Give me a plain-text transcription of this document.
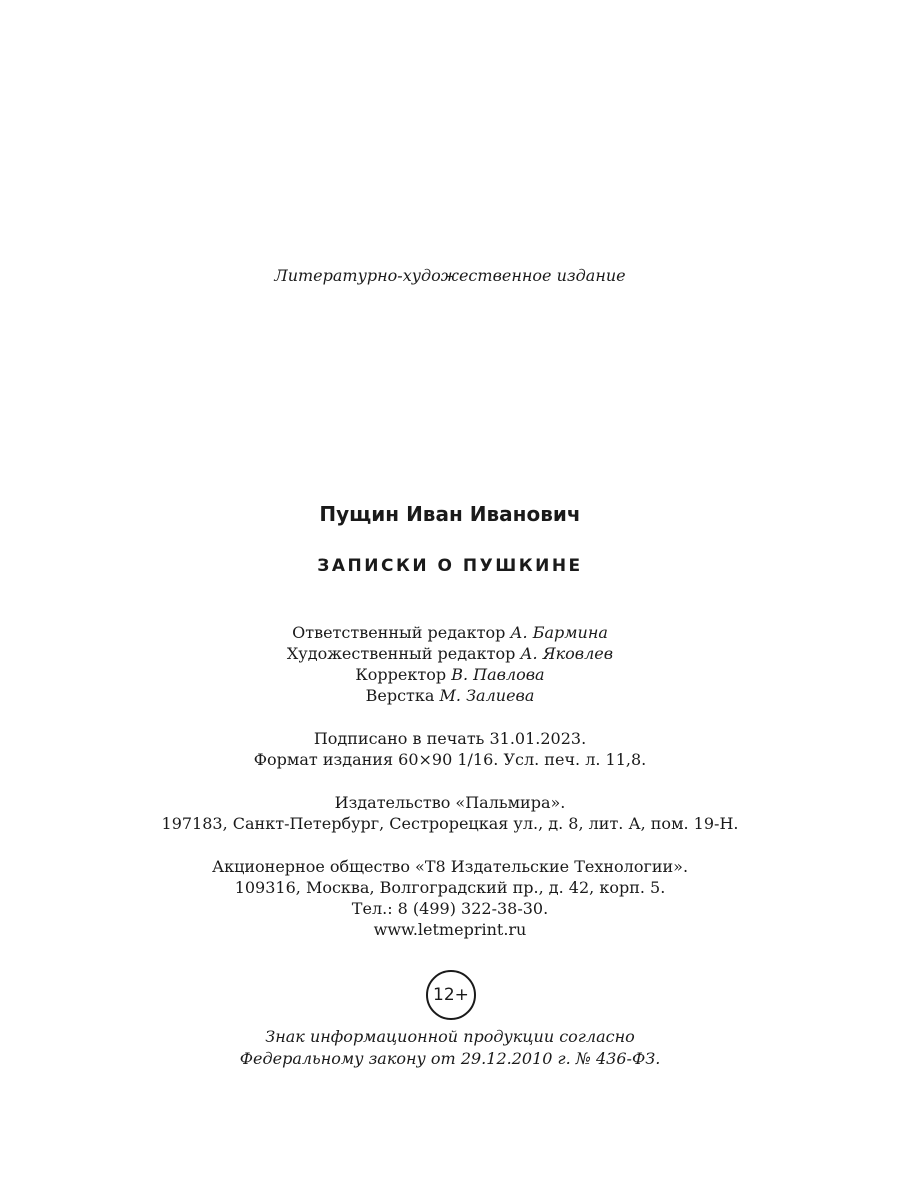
Литературно-художественное издание
Пущин Иван Иванович
ЗАПИСКИ О ПУШКИНЕ
Ответственный редактор А. Бармина
Художественный редактор А. Яковлев
Корректор В. Павлова
Верстка М. Залиева
Подписано в печать 31.01.2023.
Формат издания 60×90 1/16. Усл. печ. л. 11,8.
Издательство «Пальмира».
197183, Санкт-Петербург, Сестрорецкая ул., д. 8, лит. А, пом. 19-Н.
Акционерное общество «Т8 Издательские Технологии».
109316, Москва, Волгоградский пр., д. 42, корп. 5.
Тел.: 8 (499) 322-38-30.
www.letmeprint.ru
12+
Знак информационной продукции согласно
Федеральному закону от 29.12.2010 г. № 436-ФЗ.
